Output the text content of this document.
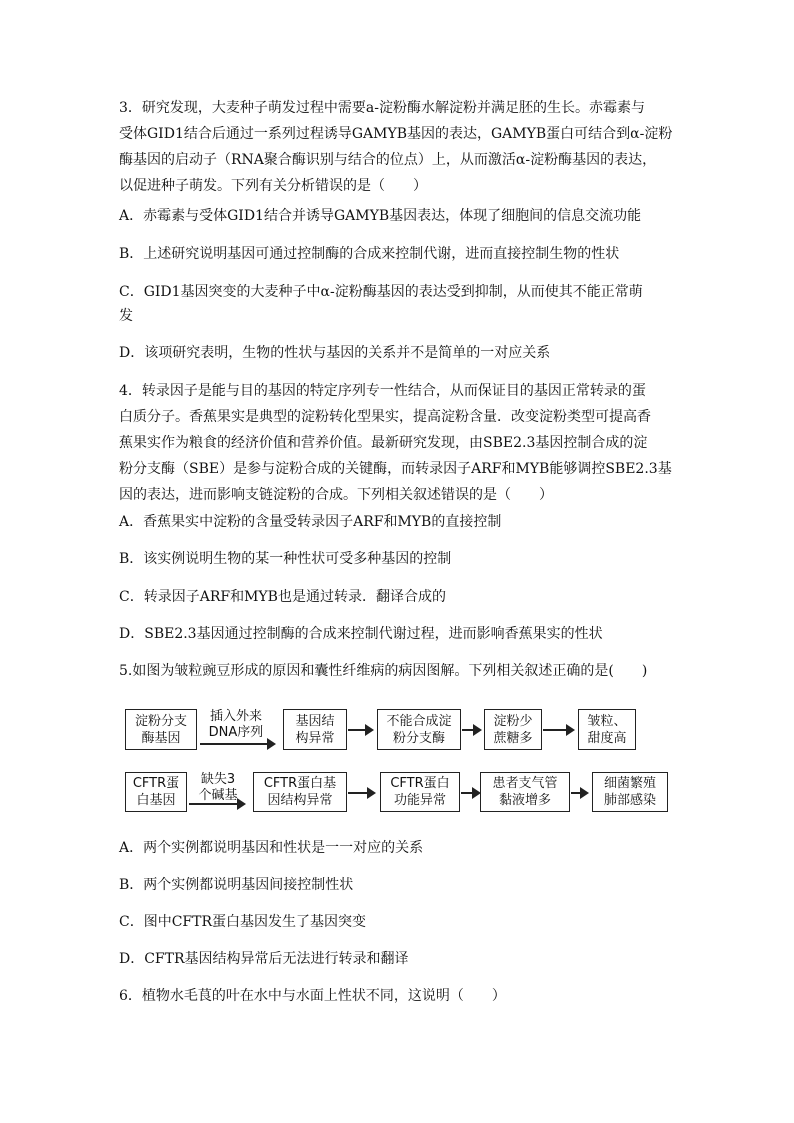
3．研究发现，大麦种子萌发过程中需要a-淀粉酶水解淀粉并满足胚的生长。赤霉素与
受体GID1结合后通过一系列过程诱导GAMYB基因的表达，GAMYB蛋白可结合到α-淀粉
酶基因的启动子（RNA聚合酶识别与结合的位点）上，从而激活α-淀粉酶基因的表达，
以促进种子萌发。下列有关分析错误的是（　　）

A．赤霉素与受体GID1结合并诱导GAMYB基因表达，体现了细胞间的信息交流功能

B．上述研究说明基因可通过控制酶的合成来控制代谢，进而直接控制生物的性状

C．GID1基因突变的大麦种子中α-淀粉酶基因的表达受到抑制，从而使其不能正常萌

发

D．该项研究表明，生物的性状与基因的关系并不是简单的一对应关系

4．转录因子是能与目的基因的特定序列专一性结合，从而保证目的基因正常转录的蛋
白质分子。香蕉果实是典型的淀粉转化型果实，提高淀粉含量．改变淀粉类型可提高香
蕉果实作为粮食的经济价值和营养价值。最新研究发现，由SBE2.3基因控制合成的淀
粉分支酶（SBE）是参与淀粉合成的关键酶，而转录因子ARF和MYB能够调控SBE2.3基
因的表达，进而影响支链淀粉的合成。下列相关叙述错误的是（　　）

A．香蕉果实中淀粉的含量受转录因子ARF和MYB的直接控制

B．该实例说明生物的某一种性状可受多种基因的控制

C．转录因子ARF和MYB也是通过转录．翻译合成的

D．SBE2.3基因通过控制酶的合成来控制代谢过程，进而影响香蕉果实的性状

5.如图为皱粒豌豆形成的原因和囊性纤维病的病因图解。下列相关叙述正确的是(　　)

淀粉分支
酶基因
插入外来
DNA序列
基因结
构异常
不能合成淀
粉分支酶
淀粉少
蔗糖多
皱粒、
甜度高
CFTR蛋
白基因
缺失3
个碱基
CFTR蛋白基
因结构异常
CFTR蛋白
功能异常
患者支气管
黏液增多
细菌繁殖
肺部感染

A．两个实例都说明基因和性状是一一对应的关系

B．两个实例都说明基因间接控制性状

C．图中CFTR蛋白基因发生了基因突变

D．CFTR基因结构异常后无法进行转录和翻译

6．植物水毛茛的叶在水中与水面上性状不同，这说明（　　）
